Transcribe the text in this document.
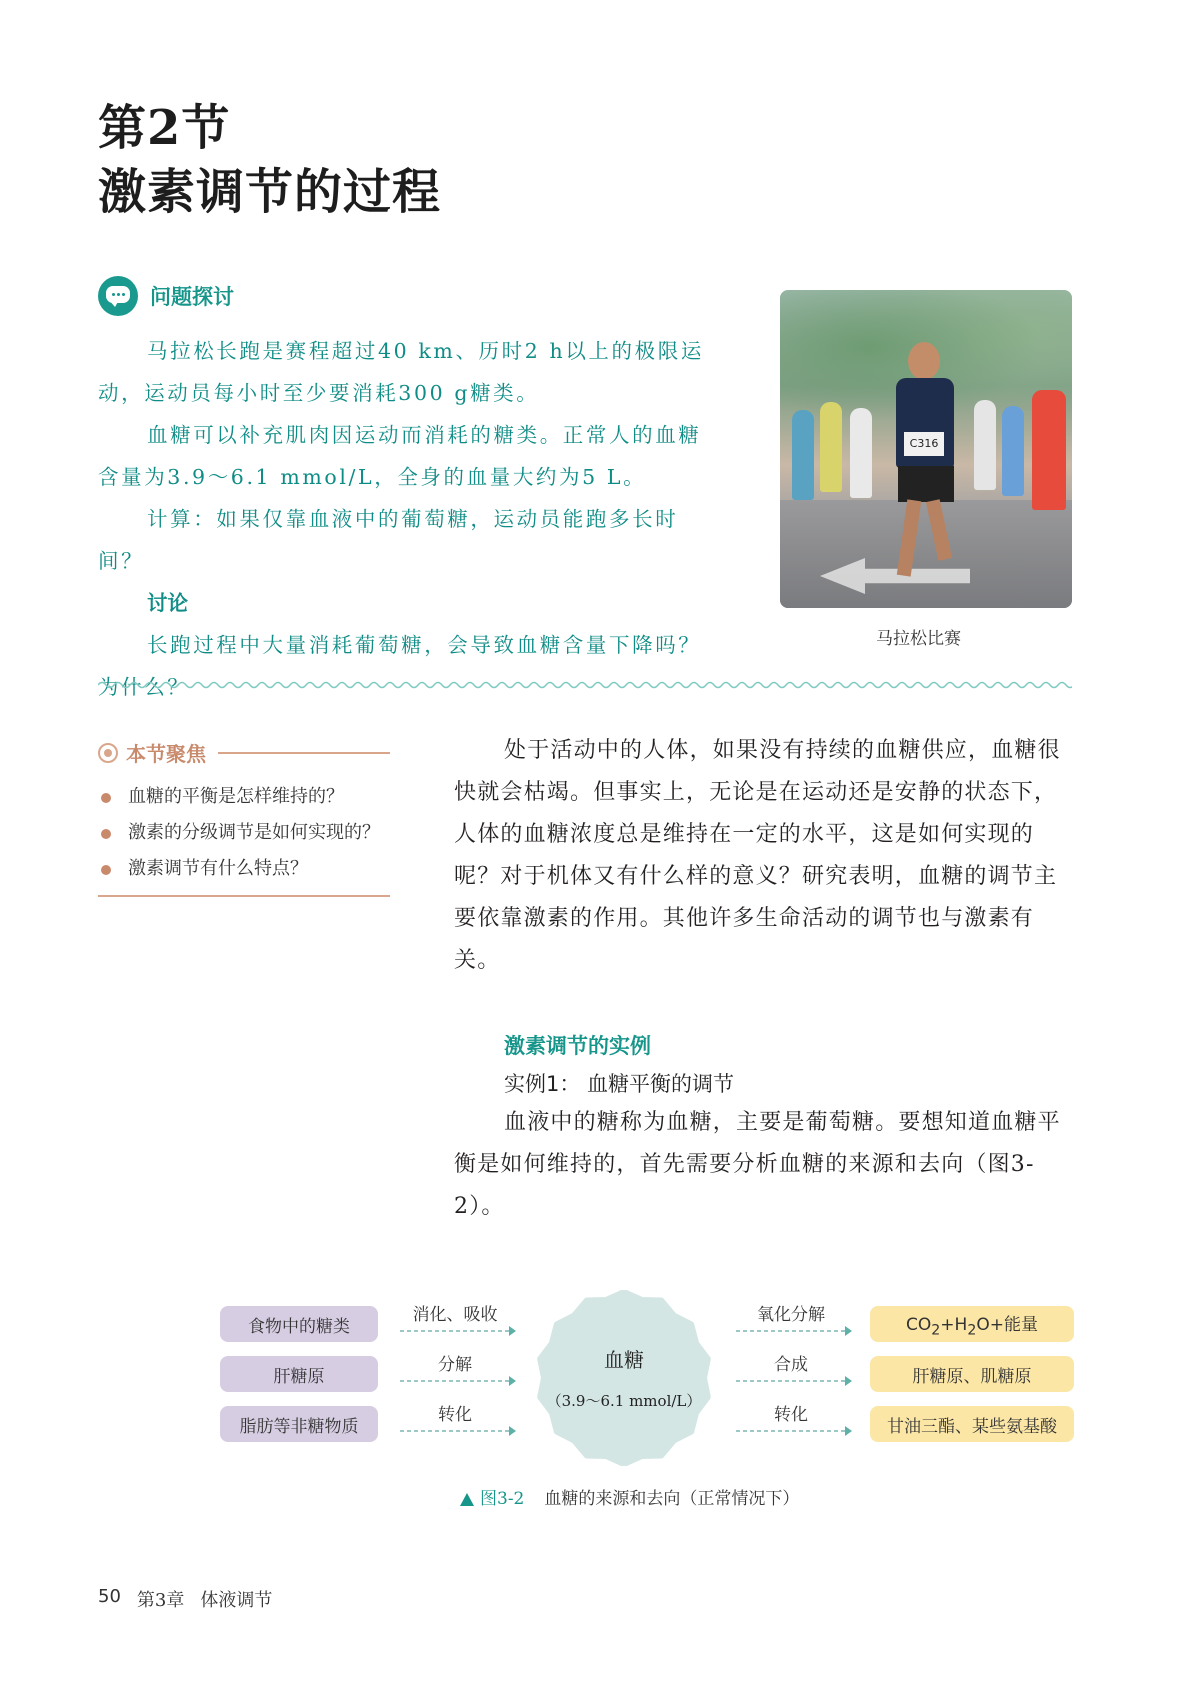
第2节
激素调节的过程
问题探讨

马拉松长跑是赛程超过40 km、历时2 h以上的极限运动，运动员每小时至少要消耗300 g糖类。

血糖可以补充肌肉因运动而消耗的糖类。正常人的血糖含量为3.9～6.1 mmol/L，全身的血量大约为5 L。

计算：如果仅靠血液中的葡萄糖，运动员能跑多长时间？

讨论

长跑过程中大量消耗葡萄糖，会导致血糖含量下降吗？为什么？

C316
马拉松比赛
本节聚焦
血糖的平衡是怎样维持的？
激素的分级调节是如何实现的？
激素调节有什么特点？

处于活动中的人体，如果没有持续的血糖供应，血糖很快就会枯竭。但事实上，无论是在运动还是安静的状态下，人体的血糖浓度总是维持在一定的水平，这是如何实现的呢？对于机体又有什么样的意义？研究表明，血糖的调节主要依靠激素的作用。其他许多生命活动的调节也与激素有关。

激素调节的实例
实例1： 血糖平衡的调节

血液中的糖称为血糖，主要是葡萄糖。要想知道血糖平衡是如何维持的，首先需要分析血糖的来源和去向（图3-2）。

食物中的糖类
肝糖原
脂肪等非糖物质
消化、吸收
分解
转化
血糖
（3.9～6.1 mmol/L）
氧化分解
合成
转化
$CO_2+H_2O+$能量
肝糖原、肌糖原
甘油三酯、某些氨基酸
图3-2 血糖的来源和去向（正常情况下）
50 第3章 体液调节
